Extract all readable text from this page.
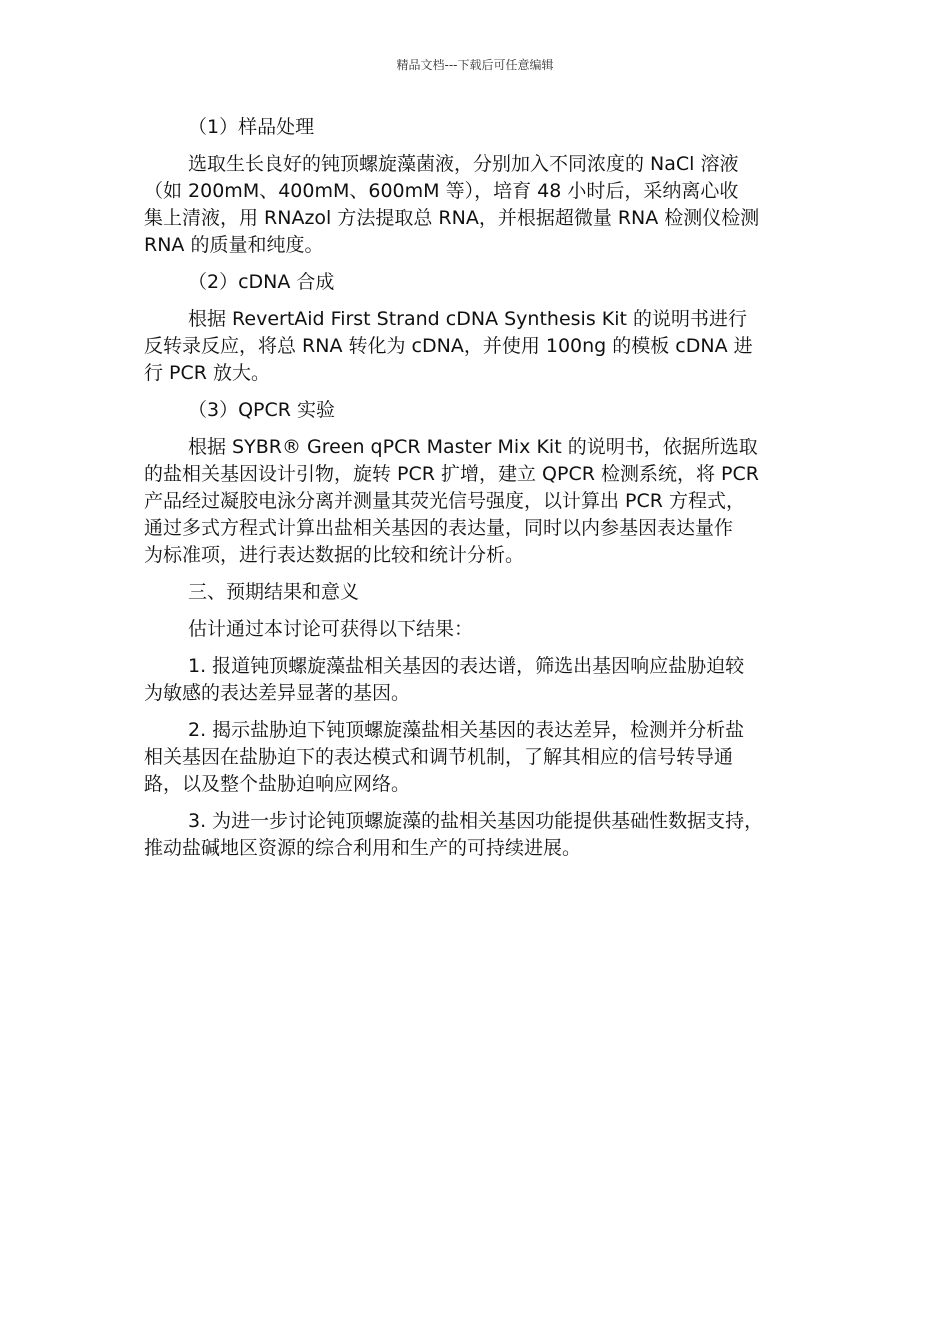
精品文档---下载后可任意编辑
（1）样品处理
选取生长良好的钝顶螺旋藻菌液，分别加入不同浓度的 NaCl 溶液
（如 200mM、400mM、600mM 等），培育 48 小时后，采纳离心收
集上清液，用 RNAzol 方法提取总 RNA，并根据超微量 RNA 检测仪检测
RNA 的质量和纯度。
（2）cDNA 合成
根据 RevertAid First Strand cDNA Synthesis Kit 的说明书进行
反转录反应，将总 RNA 转化为 cDNA，并使用 100ng 的模板 cDNA 进
行 PCR 放大。
（3）QPCR 实验
根据 SYBR® Green qPCR Master Mix Kit 的说明书，依据所选取
的盐相关基因设计引物，旋转 PCR 扩增，建立 QPCR 检测系统，将 PCR
产品经过凝胶电泳分离并测量其荧光信号强度，以计算出 PCR 方程式，
通过多式方程式计算出盐相关基因的表达量，同时以内参基因表达量作
为标准项，进行表达数据的比较和统计分析。
三、预期结果和意义
估计通过本讨论可获得以下结果：
1. 报道钝顶螺旋藻盐相关基因的表达谱，筛选出基因响应盐胁迫较
为敏感的表达差异显著的基因。
2. 揭示盐胁迫下钝顶螺旋藻盐相关基因的表达差异，检测并分析盐
相关基因在盐胁迫下的表达模式和调节机制，了解其相应的信号转导通
路，以及整个盐胁迫响应网络。
3. 为进一步讨论钝顶螺旋藻的盐相关基因功能提供基础性数据支持，
推动盐碱地区资源的综合利用和生产的可持续进展。
